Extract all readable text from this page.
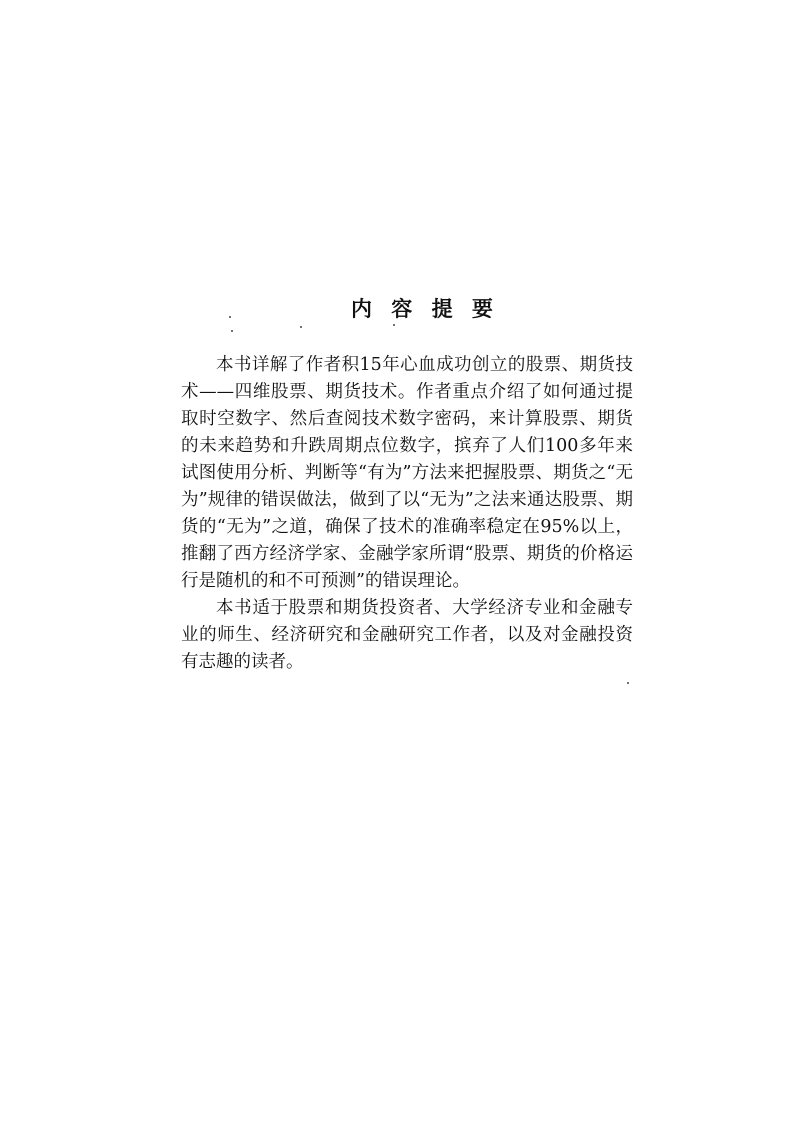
内 容 提 要

本书详解了作者积15年心血成功创立的股票、期货技术——四维股票、期货技术。作者重点介绍了如何通过提取时空数字、然后查阅技术数字密码，来计算股票、期货的未来趋势和升跌周期点位数字，摈弃了人们100多年来试图使用分析、判断等“有为”方法来把握股票、期货之“无为”规律的错误做法，做到了以“无为”之法来通达股票、期货的“无为”之道，确保了技术的准确率稳定在95%以上，推翻了西方经济学家、金融学家所谓“股票、期货的价格运行是随机的和不可预测”的错误理论。

本书适于股票和期货投资者、大学经济专业和金融专业的师生、经济研究和金融研究工作者，以及对金融投资有志趣的读者。
